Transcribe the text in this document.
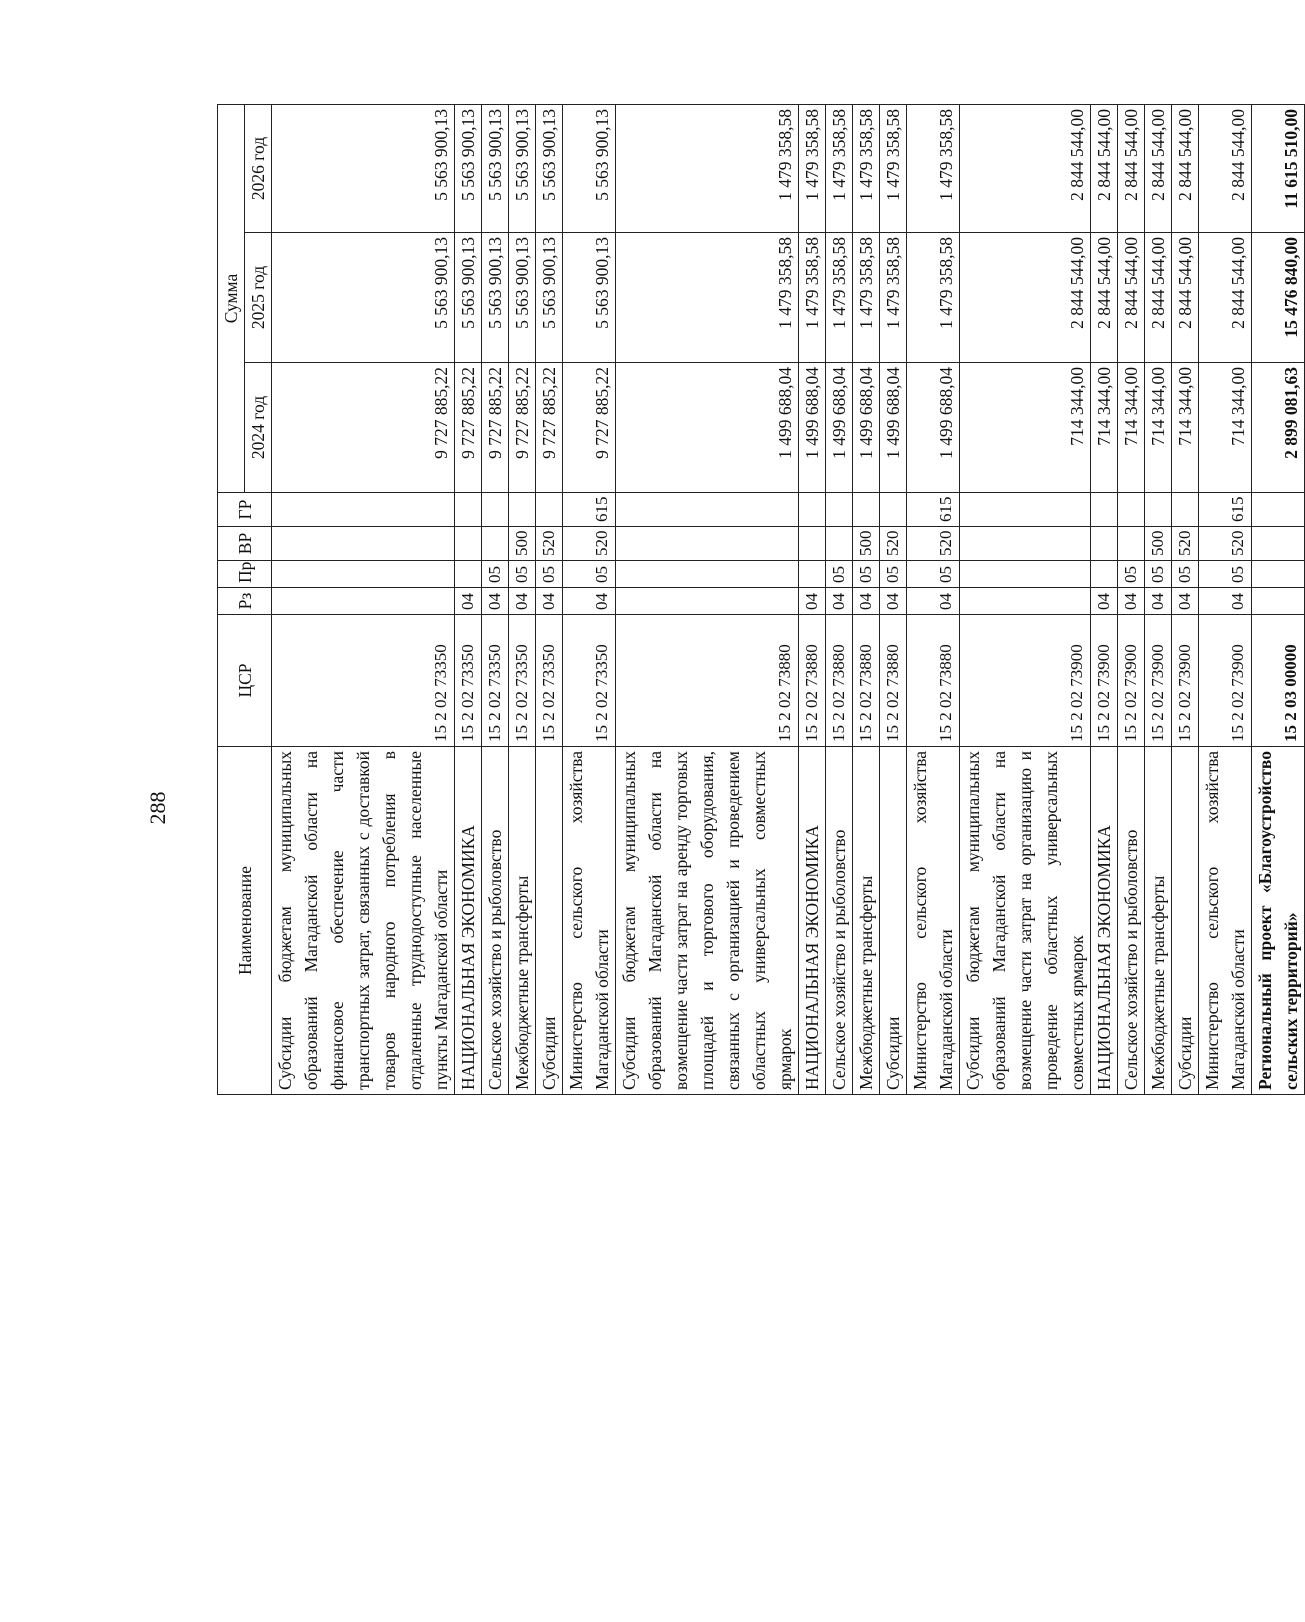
288
Наименование	ЦСР	Рз	Пр	ВР	ГР	Сумма		
						2024 год	2025 год	2026 год
Субсидии бюджетам муниципальных образований Магаданской области на финансовое обеспечение части транспортных затрат, связанных с доставкой товаров народного потребления в отдаленные труднодоступные населенные пункты Магаданской области	15 2 02 73350					9 727 885,22	5 563 900,13	5 563 900,13
НАЦИОНАЛЬНАЯ ЭКОНОМИКА	15 2 02 73350	04				9 727 885,22	5 563 900,13	5 563 900,13
Сельское хозяйство и рыболовство	15 2 02 73350	04	05			9 727 885,22	5 563 900,13	5 563 900,13
Межбюджетные трансферты	15 2 02 73350	04	05	500		9 727 885,22	5 563 900,13	5 563 900,13
Субсидии	15 2 02 73350	04	05	520		9 727 885,22	5 563 900,13	5 563 900,13
Министерство сельского хозяйства Магаданской области	15 2 02 73350	04	05	520	615	9 727 885,22	5 563 900,13	5 563 900,13
Субсидии бюджетам муниципальных образований Магаданской области на возмещение части затрат на аренду торговых площадей и торгового оборудования, связанных с организацией и проведением областных универсальных совместных ярмарок	15 2 02 73880					1 499 688,04	1 479 358,58	1 479 358,58
НАЦИОНАЛЬНАЯ ЭКОНОМИКА	15 2 02 73880	04				1 499 688,04	1 479 358,58	1 479 358,58
Сельское хозяйство и рыболовство	15 2 02 73880	04	05			1 499 688,04	1 479 358,58	1 479 358,58
Межбюджетные трансферты	15 2 02 73880	04	05	500		1 499 688,04	1 479 358,58	1 479 358,58
Субсидии	15 2 02 73880	04	05	520		1 499 688,04	1 479 358,58	1 479 358,58
Министерство сельского хозяйства Магаданской области	15 2 02 73880	04	05	520	615	1 499 688,04	1 479 358,58	1 479 358,58
Субсидии бюджетам муниципальных образований Магаданской области на возмещение части затрат на организацию и проведение областных универсальных совместных ярмарок	15 2 02 73900					714 344,00	2 844 544,00	2 844 544,00
НАЦИОНАЛЬНАЯ ЭКОНОМИКА	15 2 02 73900	04				714 344,00	2 844 544,00	2 844 544,00
Сельское хозяйство и рыболовство	15 2 02 73900	04	05			714 344,00	2 844 544,00	2 844 544,00
Межбюджетные трансферты	15 2 02 73900	04	05	500		714 344,00	2 844 544,00	2 844 544,00
Субсидии	15 2 02 73900	04	05	520		714 344,00	2 844 544,00	2 844 544,00
Министерство сельского хозяйства Магаданской области	15 2 02 73900	04	05	520	615	714 344,00	2 844 544,00	2 844 544,00
Региональный проект «Благоустройство сельских территорий»	15 2 03 00000					2 899 081,63	15 476 840,00	11 615 510,00
